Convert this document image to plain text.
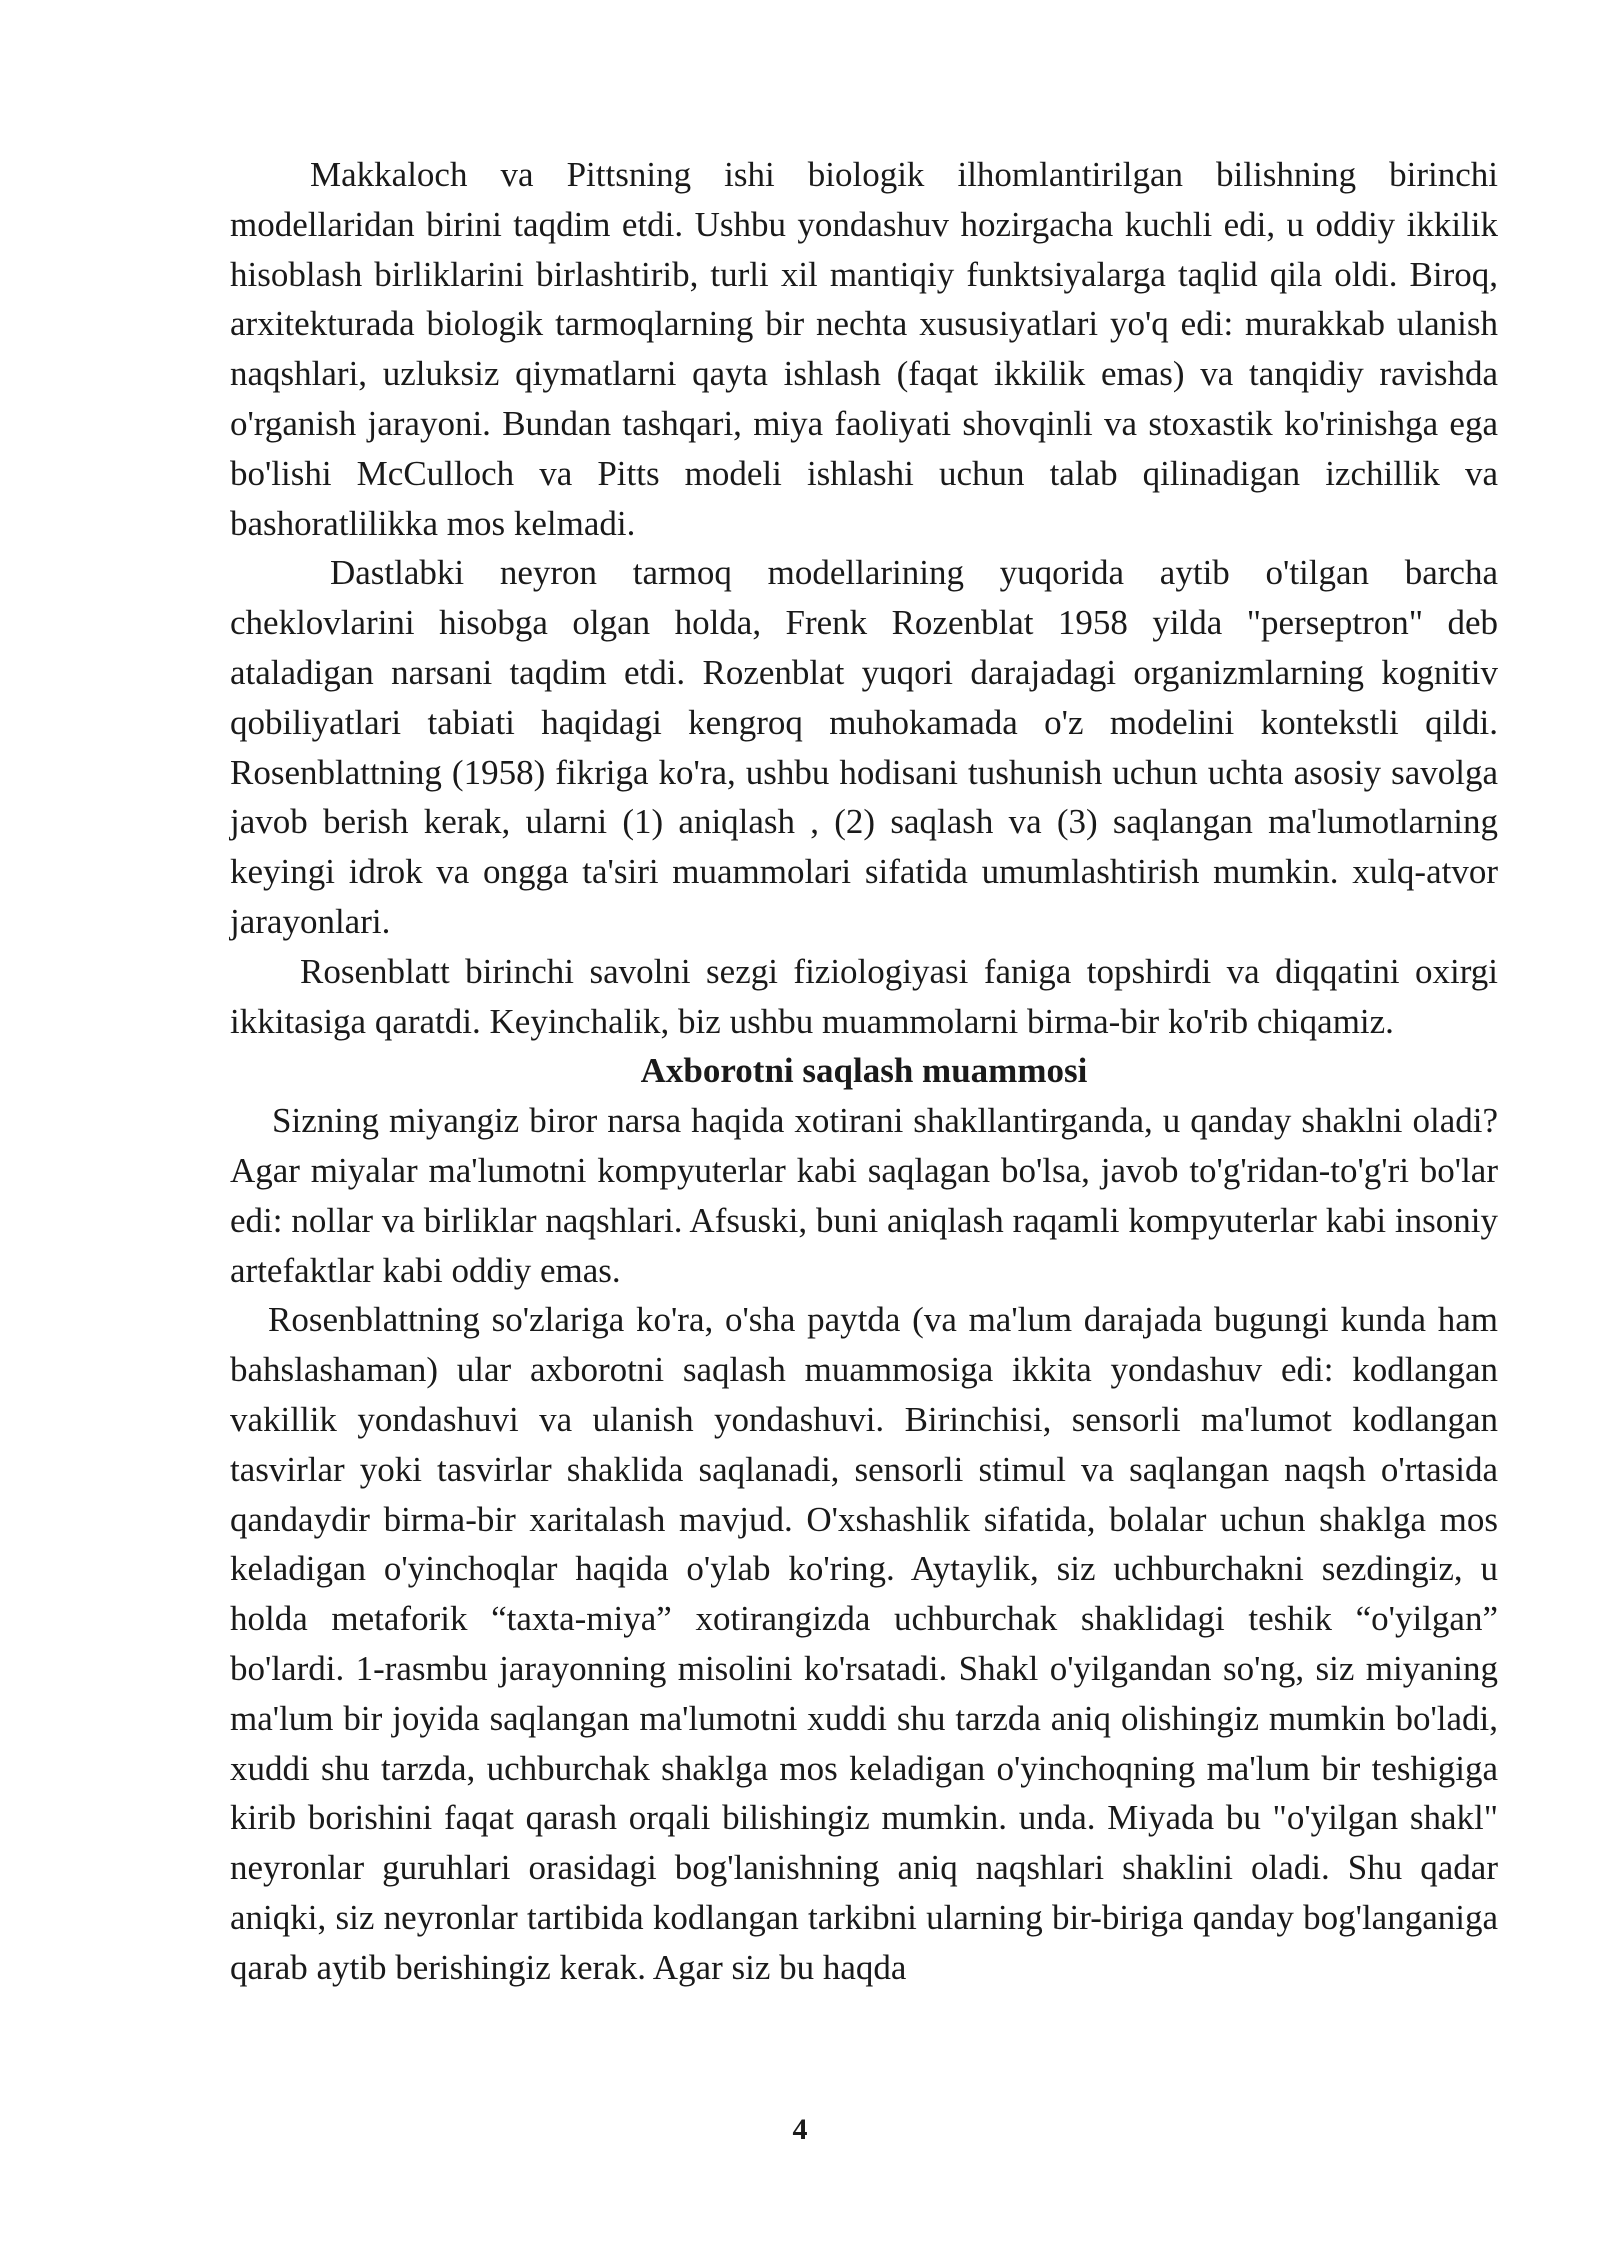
Makkaloch va Pittsning ishi biologik ilhomlantirilgan bilishning birinchi modellaridan birini taqdim etdi. Ushbu yondashuv hozirgacha kuchli edi, u oddiy ikkilik hisoblash birliklarini birlashtirib, turli xil mantiqiy funktsiyalarga taqlid qila oldi. Biroq, arxitekturada biologik tarmoqlarning bir nechta xususiyatlari yo'q edi: murakkab ulanish naqshlari, uzluksiz qiymatlarni qayta ishlash (faqat ikkilik emas) va tanqidiy ravishda o'rganish jarayoni. Bundan tashqari, miya faoliyati shovqinli va stoxastik ko'rinishga ega bo'lishi McCulloch va Pitts modeli ishlashi uchun talab qilinadigan izchillik va bashoratlilikka mos kelmadi.

Dastlabki neyron tarmoq modellarining yuqorida aytib o'tilgan barcha cheklovlarini hisobga olgan holda, Frenk Rozenblat 1958 yilda "perseptron" deb ataladigan narsani taqdim etdi. Rozenblat yuqori darajadagi organizmlarning kognitiv qobiliyatlari tabiati haqidagi kengroq muhokamada o'z modelini kontekstli qildi. Rosenblattning (1958) fikriga ko'ra, ushbu hodisani tushunish uchun uchta asosiy savolga javob berish kerak, ularni (1) aniqlash , (2) saqlash va (3) saqlangan ma'lumotlarning keyingi idrok va ongga ta'siri muammolari sifatida umumlashtirish mumkin. xulq-atvor jarayonlari.

Rosenblatt birinchi savolni sezgi fiziologiyasi faniga topshirdi va diqqatini oxirgi ikkitasiga qaratdi. Keyinchalik, biz ushbu muammolarni birma-bir ko'rib chiqamiz.

Axborotni saqlash muammosi

Sizning miyangiz biror narsa haqida xotirani shakllantirganda, u qanday shaklni oladi? Agar miyalar ma'lumotni kompyuterlar kabi saqlagan bo'lsa, javob to'g'ridan-to'g'ri bo'lar edi: nollar va birliklar naqshlari. Afsuski, buni aniqlash raqamli kompyuterlar kabi insoniy artefaktlar kabi oddiy emas.

Rosenblattning so'zlariga ko'ra, o'sha paytda (va ma'lum darajada bugungi kunda ham bahslashaman) ular axborotni saqlash muammosiga ikkita yondashuv edi: kodlangan vakillik yondashuvi va ulanish yondashuvi. Birinchisi, sensorli ma'lumot kodlangan tasvirlar yoki tasvirlar shaklida saqlanadi, sensorli stimul va saqlangan naqsh o'rtasida qandaydir birma-bir xaritalash mavjud. O'xshashlik sifatida, bolalar uchun shaklga mos keladigan o'yinchoqlar haqida o'ylab ko'ring. Aytaylik, siz uchburchakni sezdingiz, u holda metaforik “taxta-miya” xotirangizda uchburchak shaklidagi teshik “o'yilgan” bo'lardi. 1-rasmbu jarayonning misolini ko'rsatadi. Shakl o'yilgandan so'ng, siz miyaning ma'lum bir joyida saqlangan ma'lumotni xuddi shu tarzda aniq olishingiz mumkin bo'ladi, xuddi shu tarzda, uchburchak shaklga mos keladigan o'yinchoqning ma'lum bir teshigiga kirib borishini faqat qarash orqali bilishingiz mumkin. unda. Miyada bu "o'yilgan shakl" neyronlar guruhlari orasidagi bog'lanishning aniq naqshlari shaklini oladi. Shu qadar aniqki, siz neyronlar tartibida kodlangan tarkibni ularning bir-biriga qanday bog'langaniga qarab aytib berishingiz kerak. Agar siz bu haqda

4
